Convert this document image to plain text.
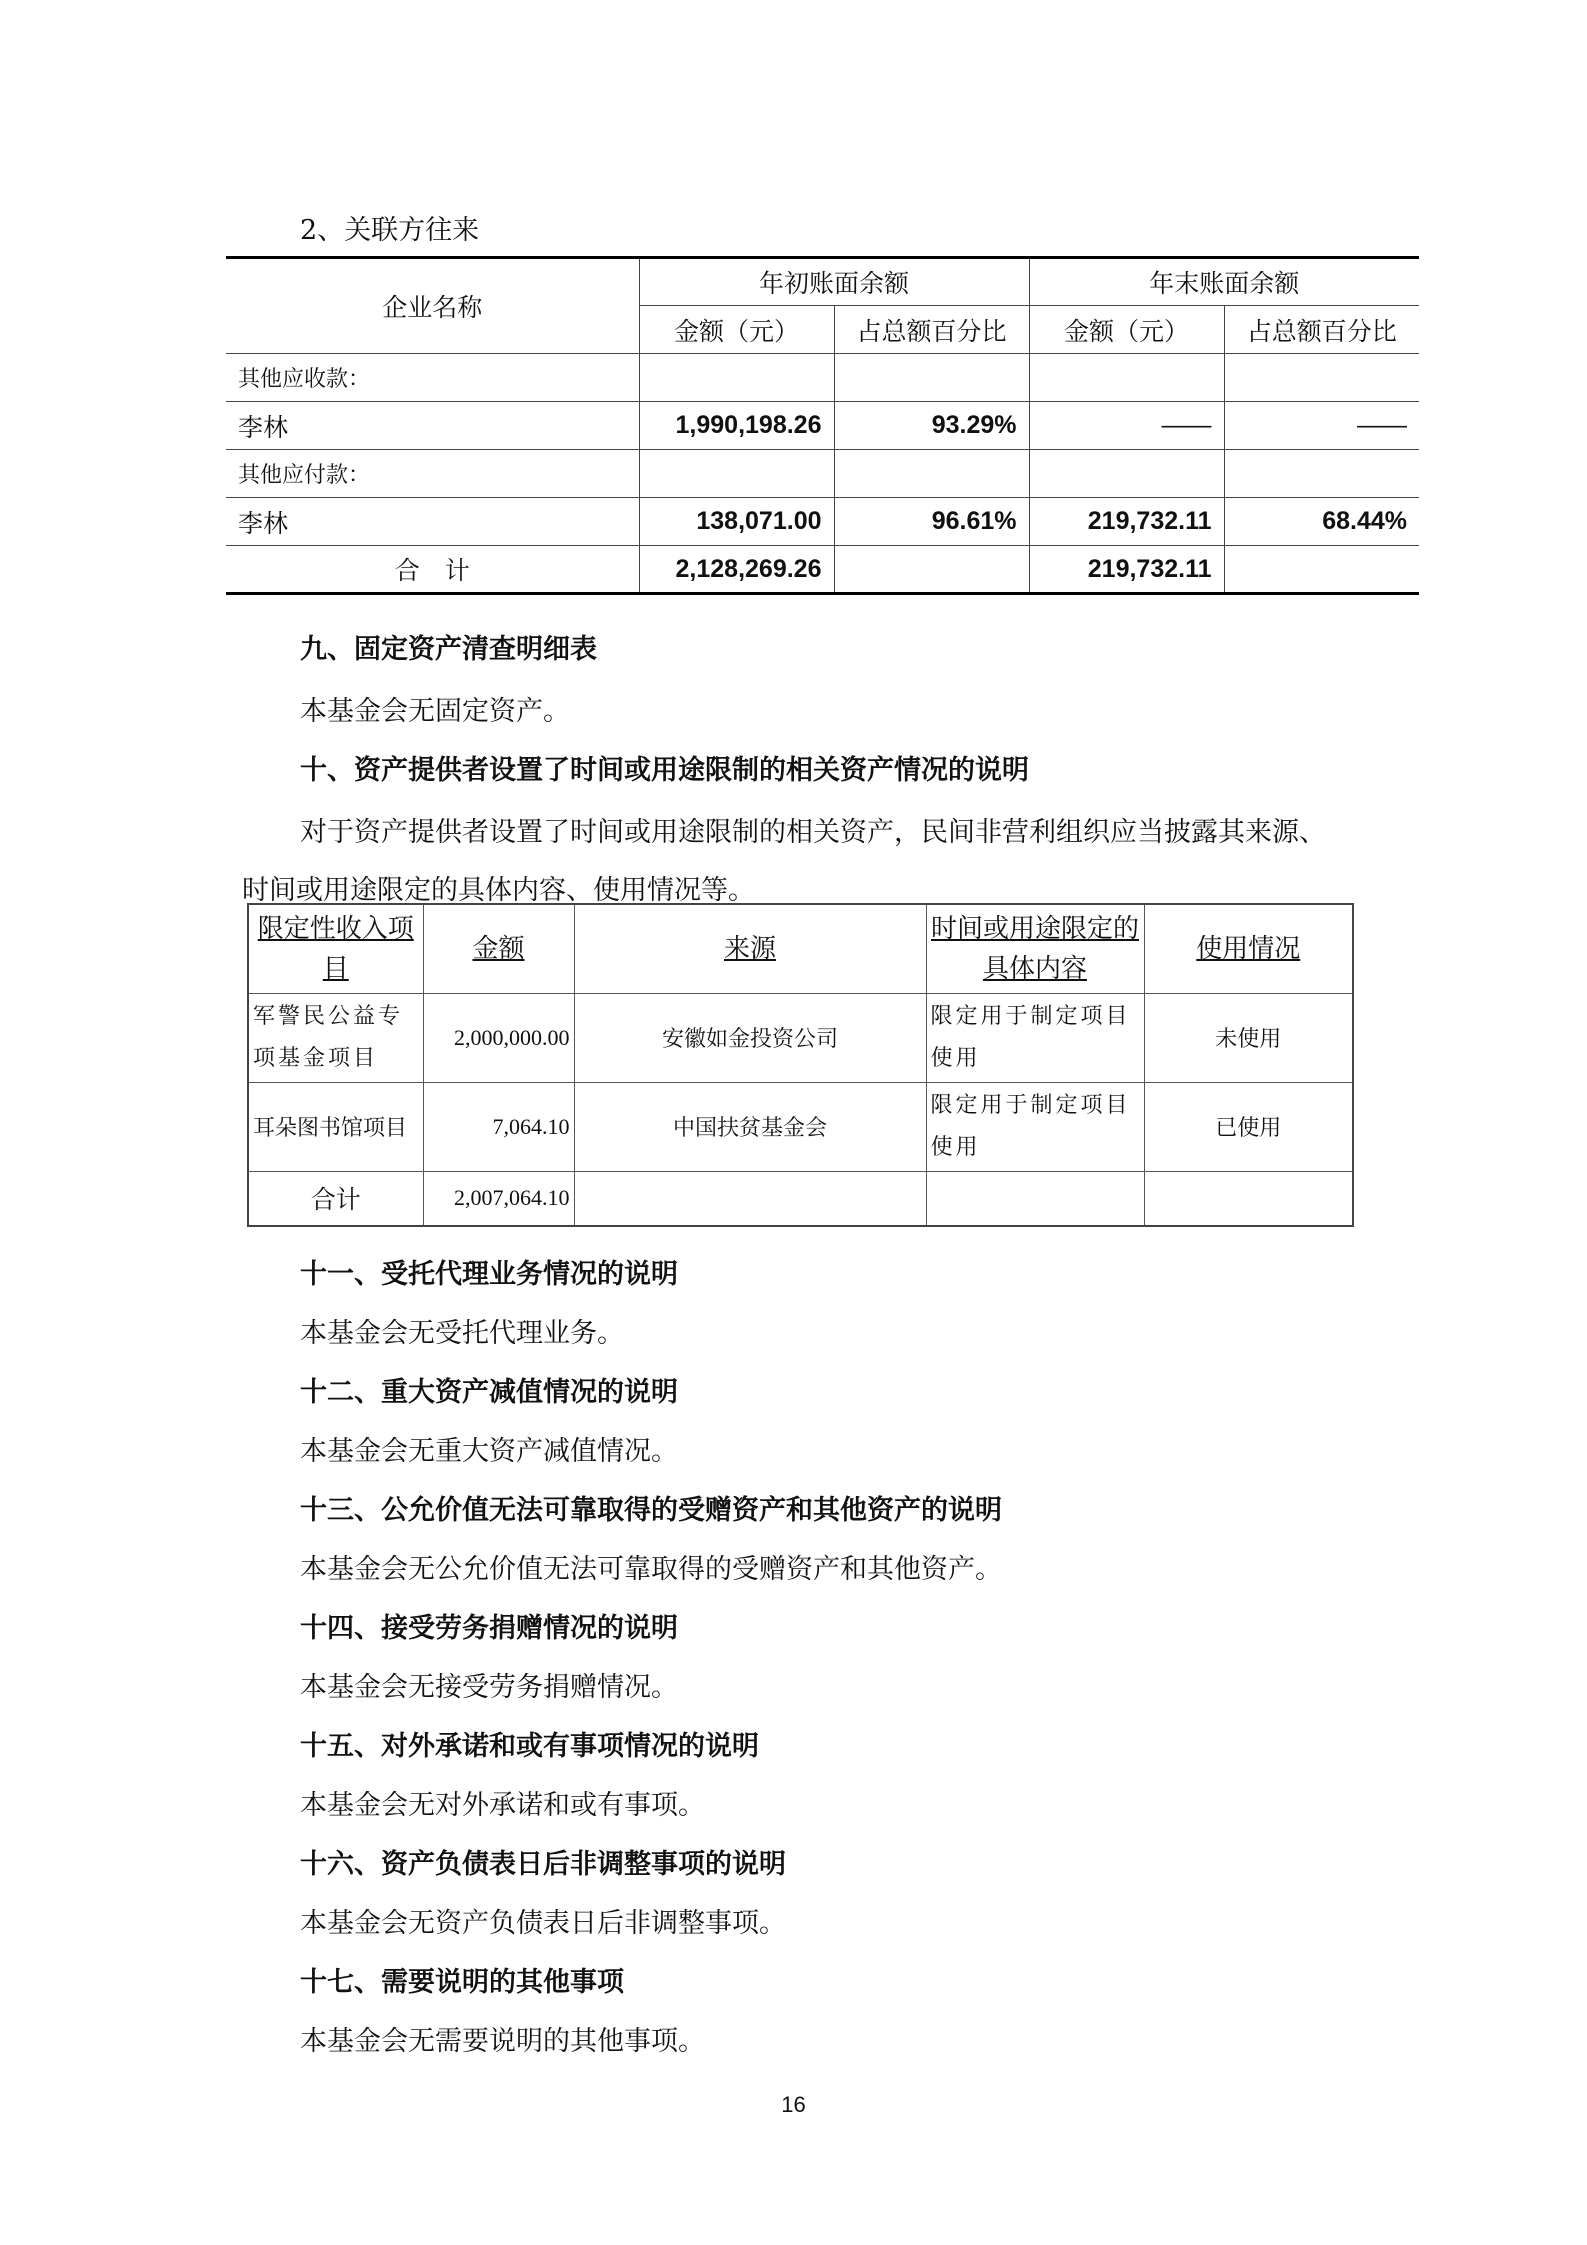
2、关联方往来
企业名称	年初账面余额		年末账面余额	
	金额（元）	占总额百分比	金额（元）	占总额百分比
其他应收款：				
李林	1,990,198.26	93.29%	——	——
其他应付款：				
李林	138,071.00	96.61%	219,732.11	68.44%
合　计	2,128,269.26		219,732.11	
九、固定资产清查明细表
本基金会无固定资产。
十、资产提供者设置了时间或用途限制的相关资产情况的说明
对于资产提供者设置了时间或用途限制的相关资产，民间非营利组织应当披露其来源、
时间或用途限定的具体内容、使用情况等。
限定性收入项目	金额	来源	时间或用途限定的具体内容	使用情况
军警民公益专项基金项目	2,000,000.00	安徽如金投资公司	限定用于制定项目使用	未使用
耳朵图书馆项目	7,064.10	中国扶贫基金会	限定用于制定项目使用	已使用
合计	2,007,064.10			
十一、受托代理业务情况的说明
本基金会无受托代理业务。
十二、重大资产减值情况的说明
本基金会无重大资产减值情况。
十三、公允价值无法可靠取得的受赠资产和其他资产的说明
本基金会无公允价值无法可靠取得的受赠资产和其他资产。
十四、接受劳务捐赠情况的说明
本基金会无接受劳务捐赠情况。
十五、对外承诺和或有事项情况的说明
本基金会无对外承诺和或有事项。
十六、资产负债表日后非调整事项的说明
本基金会无资产负债表日后非调整事项。
十七、需要说明的其他事项
本基金会无需要说明的其他事项。
16
